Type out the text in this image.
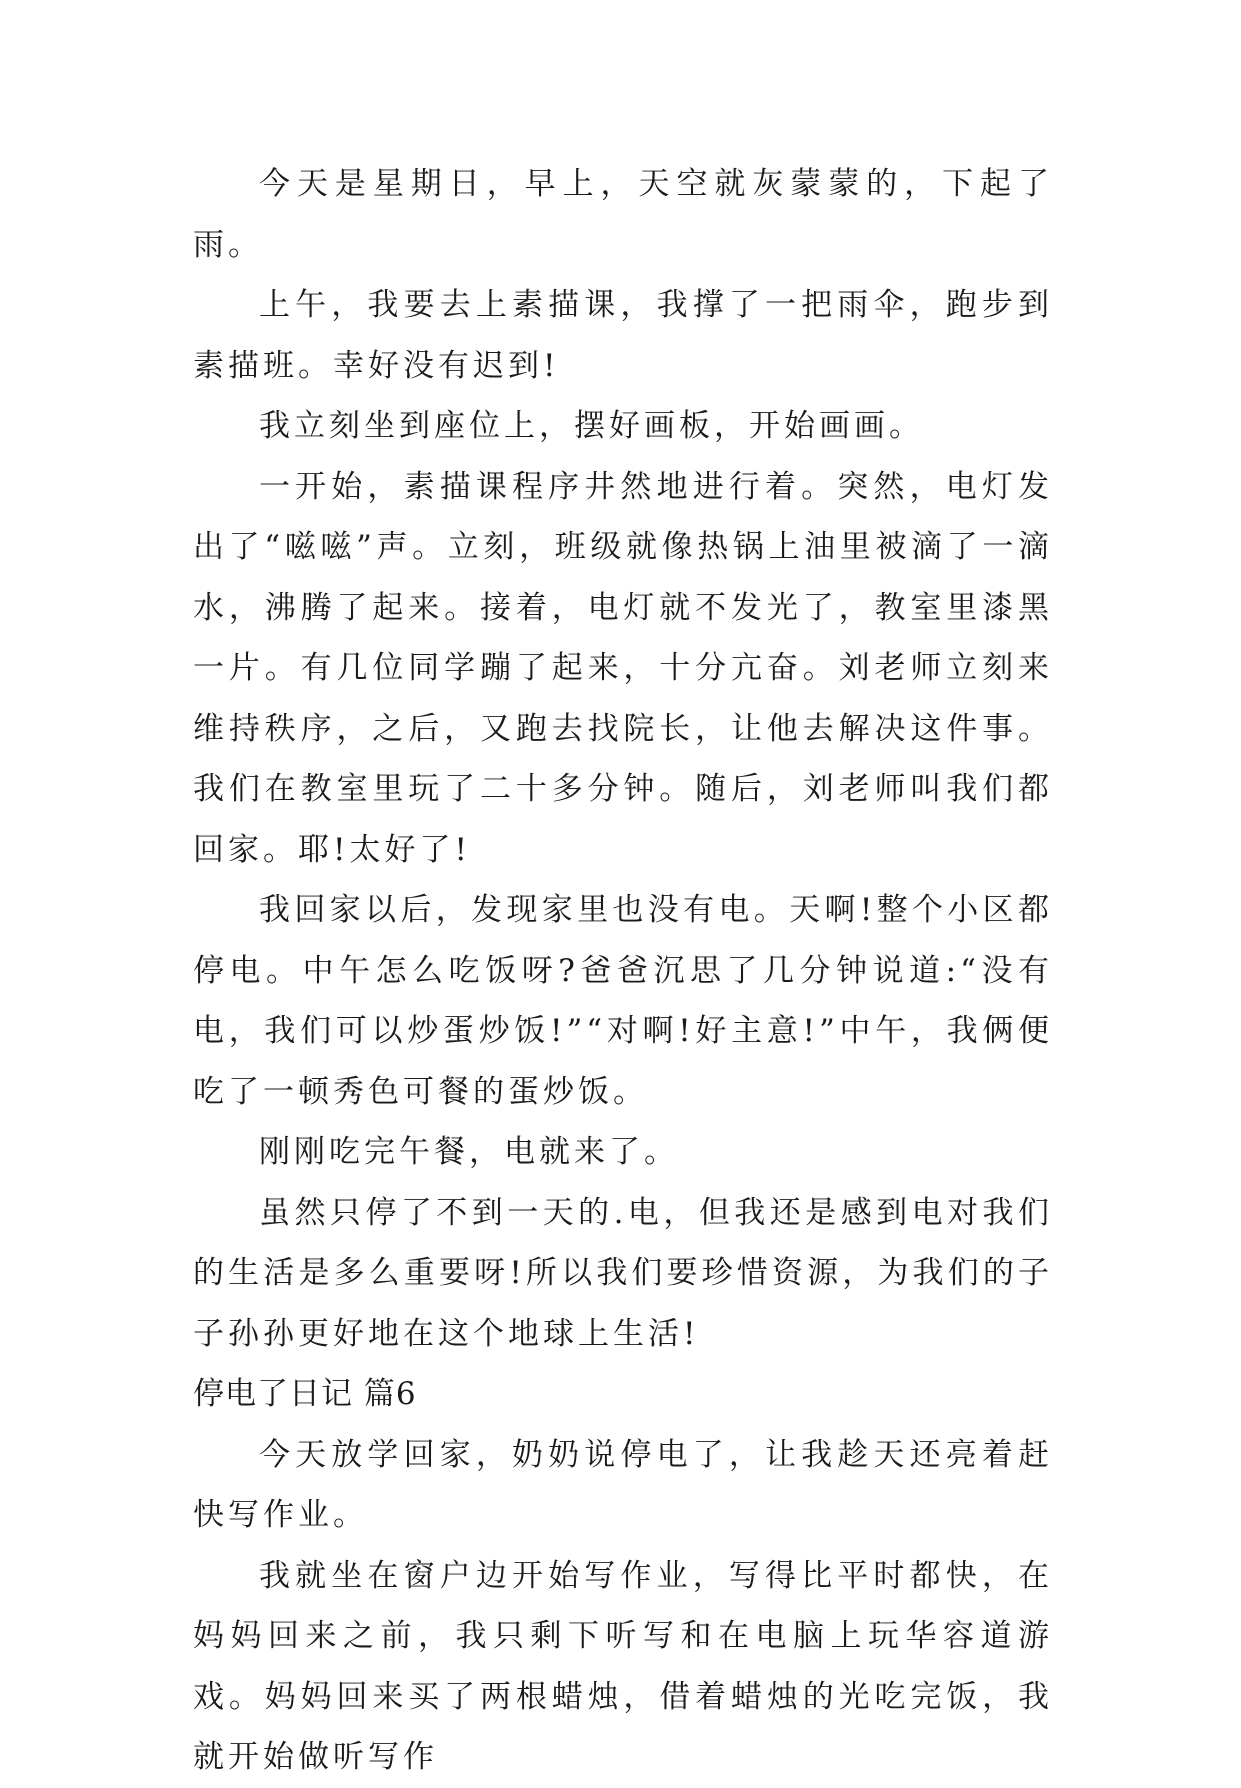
今天是星期日，早上，天空就灰蒙蒙的，下起了雨。

上午，我要去上素描课，我撑了一把雨伞，跑步到素描班。幸好没有迟到!

我立刻坐到座位上，摆好画板，开始画画。

一开始，素描课程序井然地进行着。突然，电灯发出了“嗞嗞”声。立刻，班级就像热锅上油里被滴了一滴水，沸腾了起来。接着，电灯就不发光了，教室里漆黑一片。有几位同学蹦了起来，十分亢奋。刘老师立刻来维持秩序，之后，又跑去找院长，让他去解决这件事。我们在教室里玩了二十多分钟。随后，刘老师叫我们都回家。耶!太好了!

我回家以后，发现家里也没有电。天啊!整个小区都停电。中午怎么吃饭呀?爸爸沉思了几分钟说道:“没有电，我们可以炒蛋炒饭!”“对啊!好主意!”中午，我俩便吃了一顿秀色可餐的蛋炒饭。

刚刚吃完午餐，电就来了。

虽然只停了不到一天的.电，但我还是感到电对我们的生活是多么重要呀!所以我们要珍惜资源，为我们的子子孙孙更好地在这个地球上生活!

停电了日记 篇6

今天放学回家，奶奶说停电了，让我趁天还亮着赶快写作业。

我就坐在窗户边开始写作业，写得比平时都快，在妈妈回来之前，我只剩下听写和在电脑上玩华容道游戏。妈妈回来买了两根蜡烛，借着蜡烛的光吃完饭，我就开始做听写作
